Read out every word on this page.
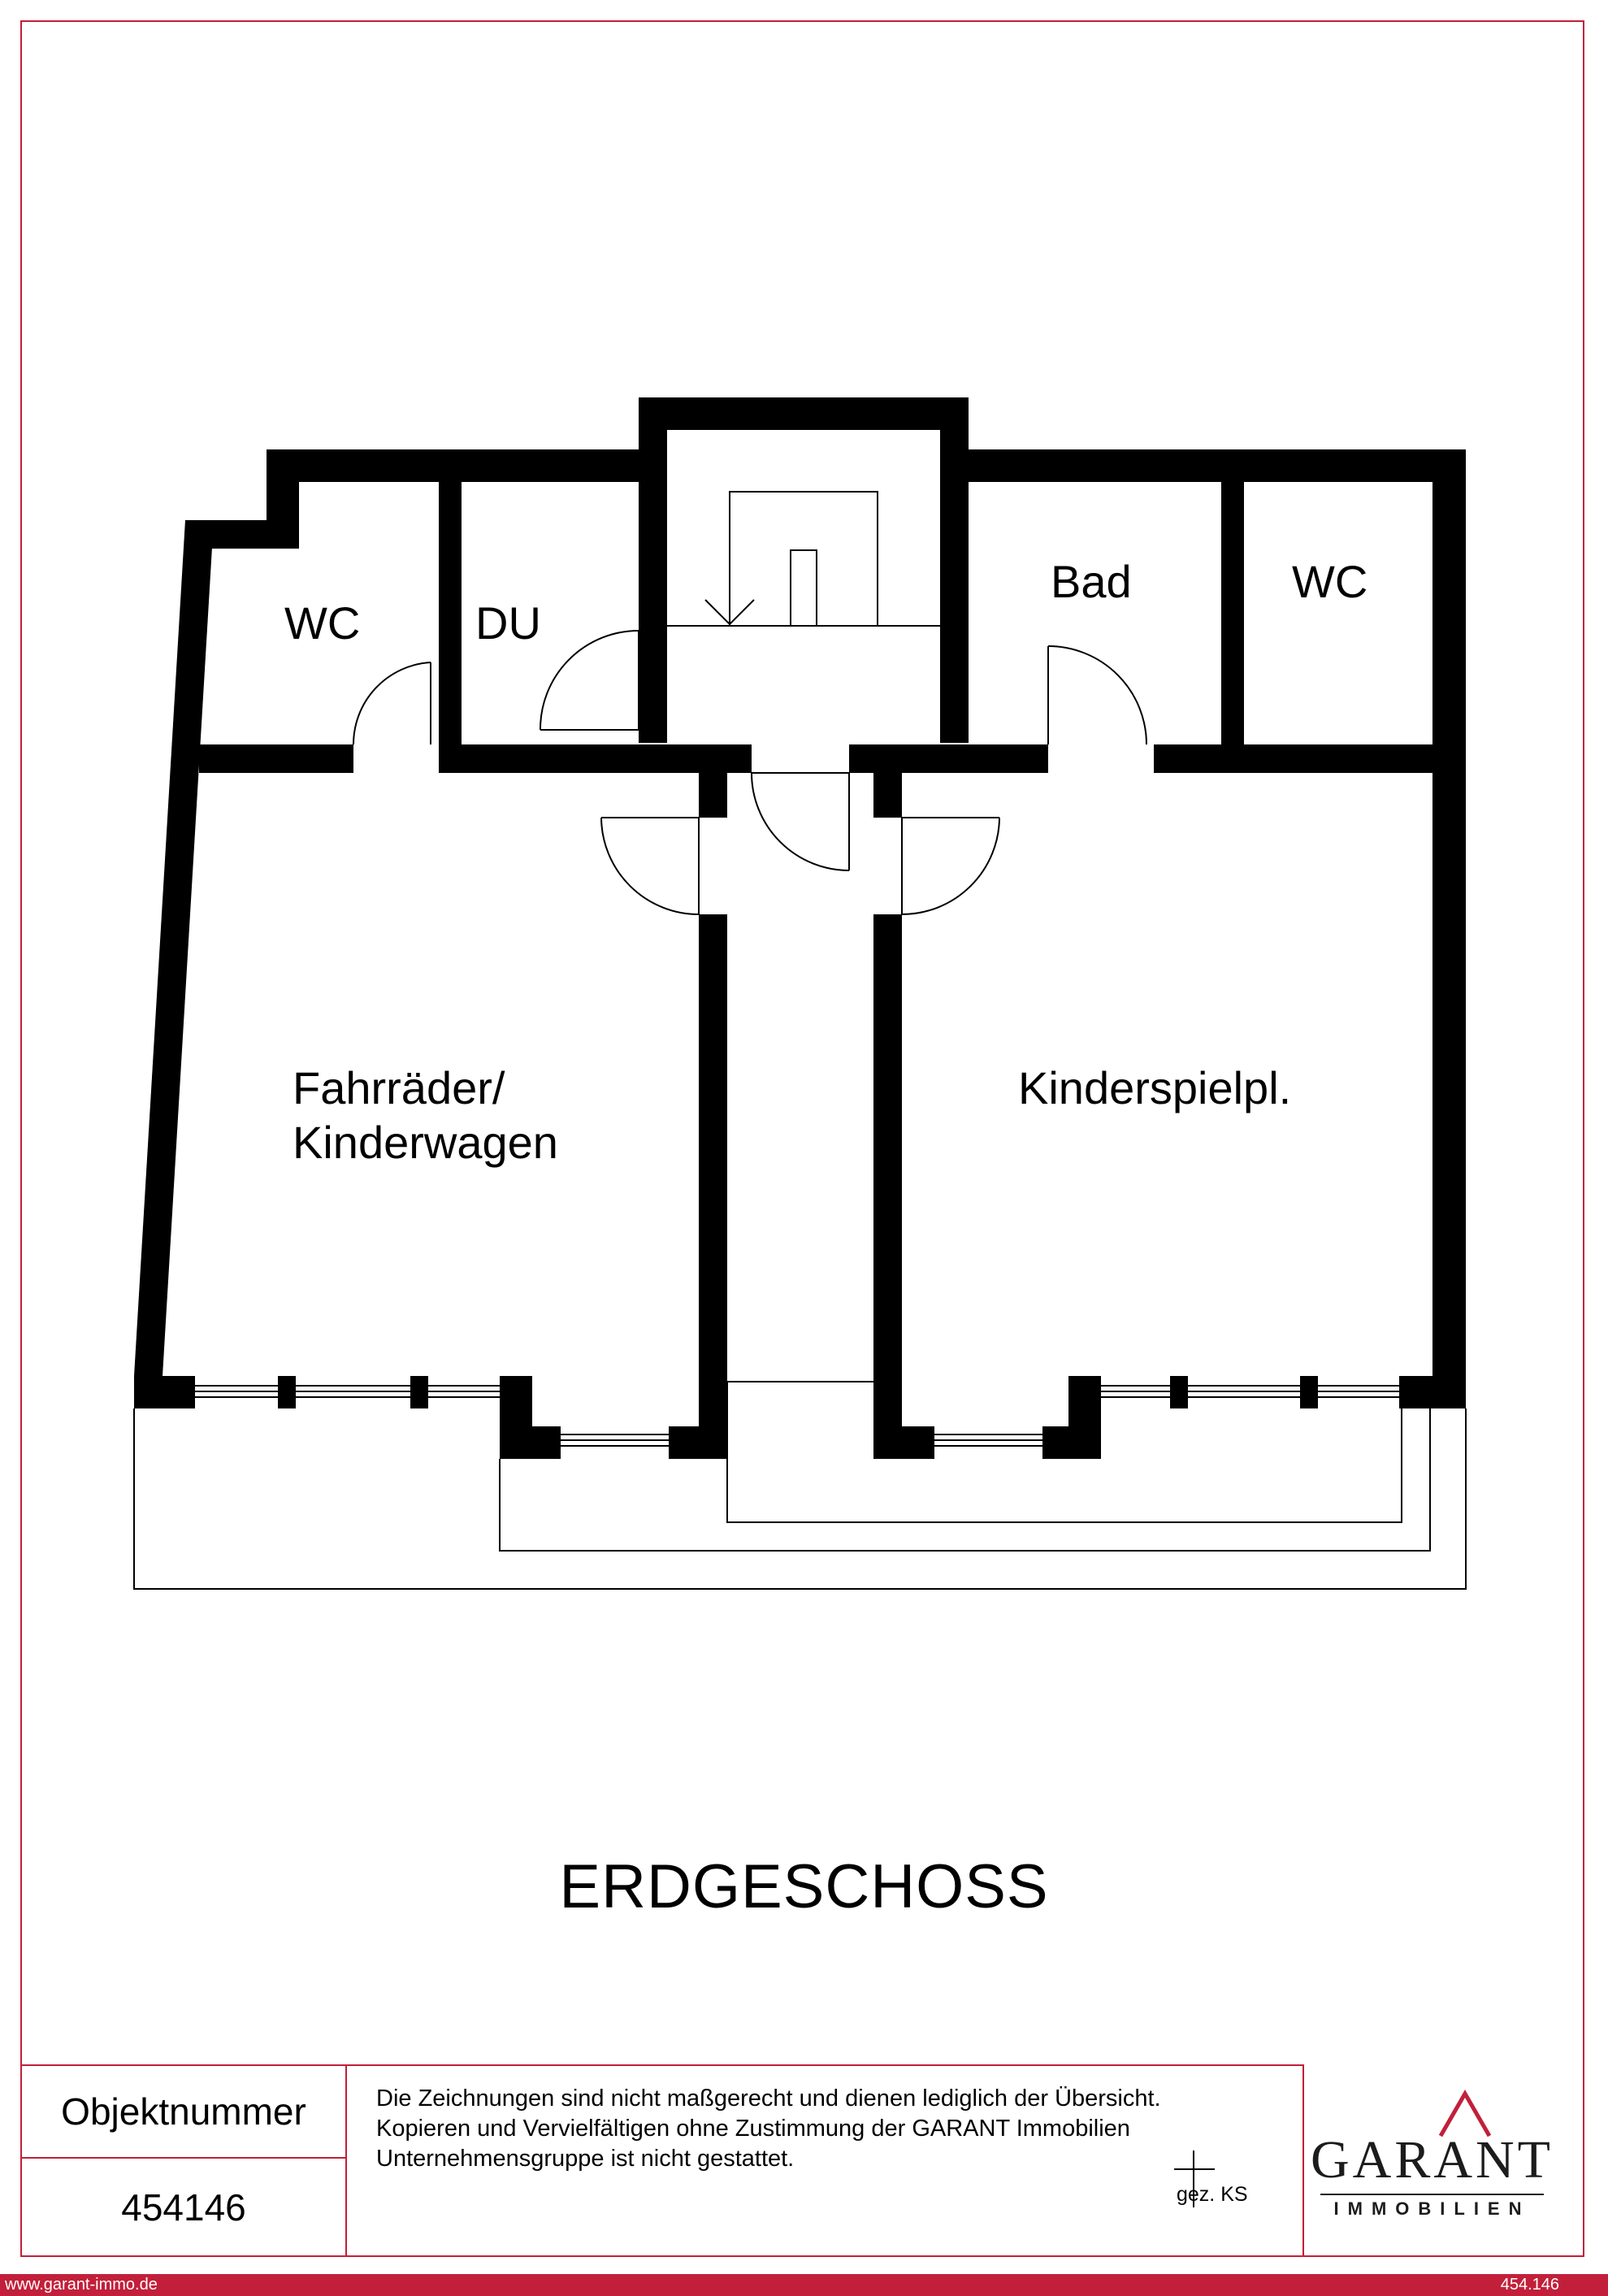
WC	DU
Bad	WC
Fahrräder/
Kinderwagen
Kinderspielpl.
ERDGESCHOSS
Objektnummer
454146

Die Zeichnungen sind nicht maßgerecht und dienen lediglich der Übersicht.

Kopieren und Vervielfältigen ohne Zustimmung der GARANT Immobilien

Unternehmensgruppe ist nicht gestattet.

gez. KS
GARANT
IMMOBILIEN
www.garant-immo.de	454.146
